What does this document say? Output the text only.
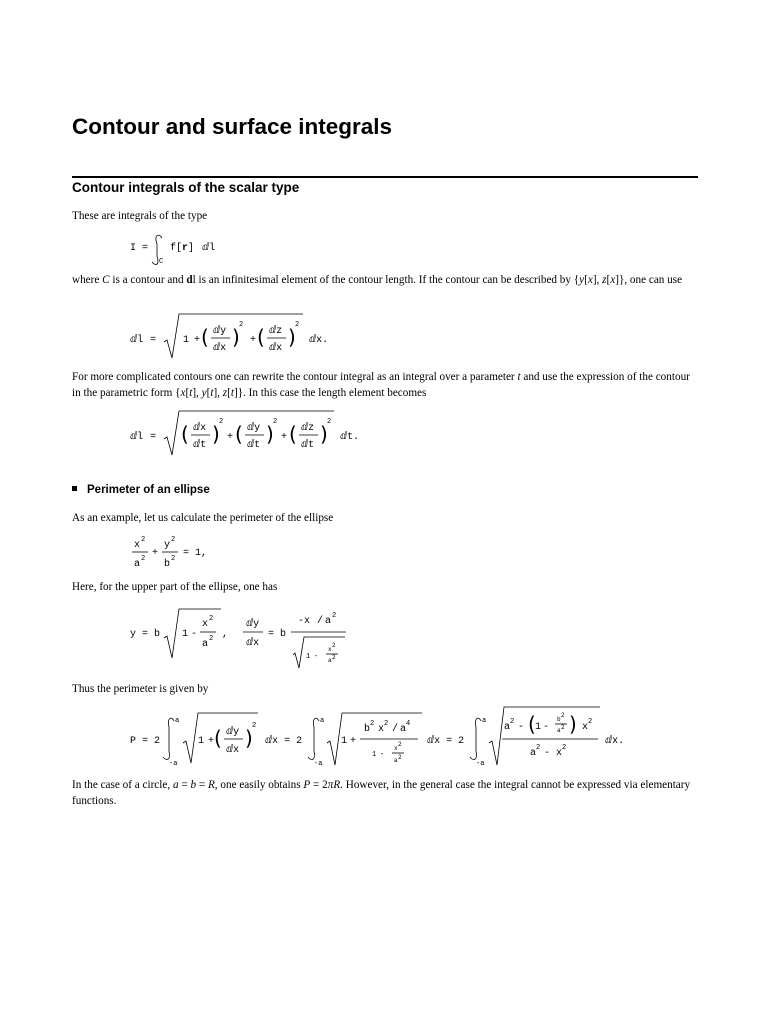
Contour and surface integrals
Contour integrals of the scalar type

These are integrals of the type

I =
C
f[r] ⅆl

where C is a contour and dl is an infinitesimal element of the contour length. If the contour can be described by {y[x], z[x]}, one can use

ⅆl =	1 + ( ⅆy
ⅆx ) 2
+ ( ⅆz
ⅆx ) 2
ⅆx.

For more complicated contours one can rewrite the contour integral as an integral over a parameter t and use the expression of the contour in the parametric form {x[t], y[t], z[t]}. In this case the length element becomes

ⅆl = ( ⅆx
ⅆt ) 2
+ ( ⅆy
ⅆt ) 2
+ ( ⅆz
ⅆt ) 2
ⅆt.
Perimeter of an ellipse

As an example, let us calculate the perimeter of the ellipse

x 2
a 2 +
y 2
b 2 = 1,

Here, for the upper part of the ellipse, one has

y = b 1 -
x 2
a 2 ,
ⅆy
ⅆx
= b
-x / a 2
1 -
x
2
a 2

Thus the perimeter is given by

P = 2
a
-a
1 + ( ⅆy
ⅆx
) 2
ⅆx = 2
a
-a
1 +
b 2 x 2 / a 4
1 -
x
2
a 2
ⅆx = 2
a
-a
a 2 - ( 1 -
b
2
a 2 ) x 2
a 2 - x 2
ⅆx.

In the case of a circle, a = b = R, one easily obtains P = 2πR. However, in the general case the integral cannot be expressed via elementary functions.
